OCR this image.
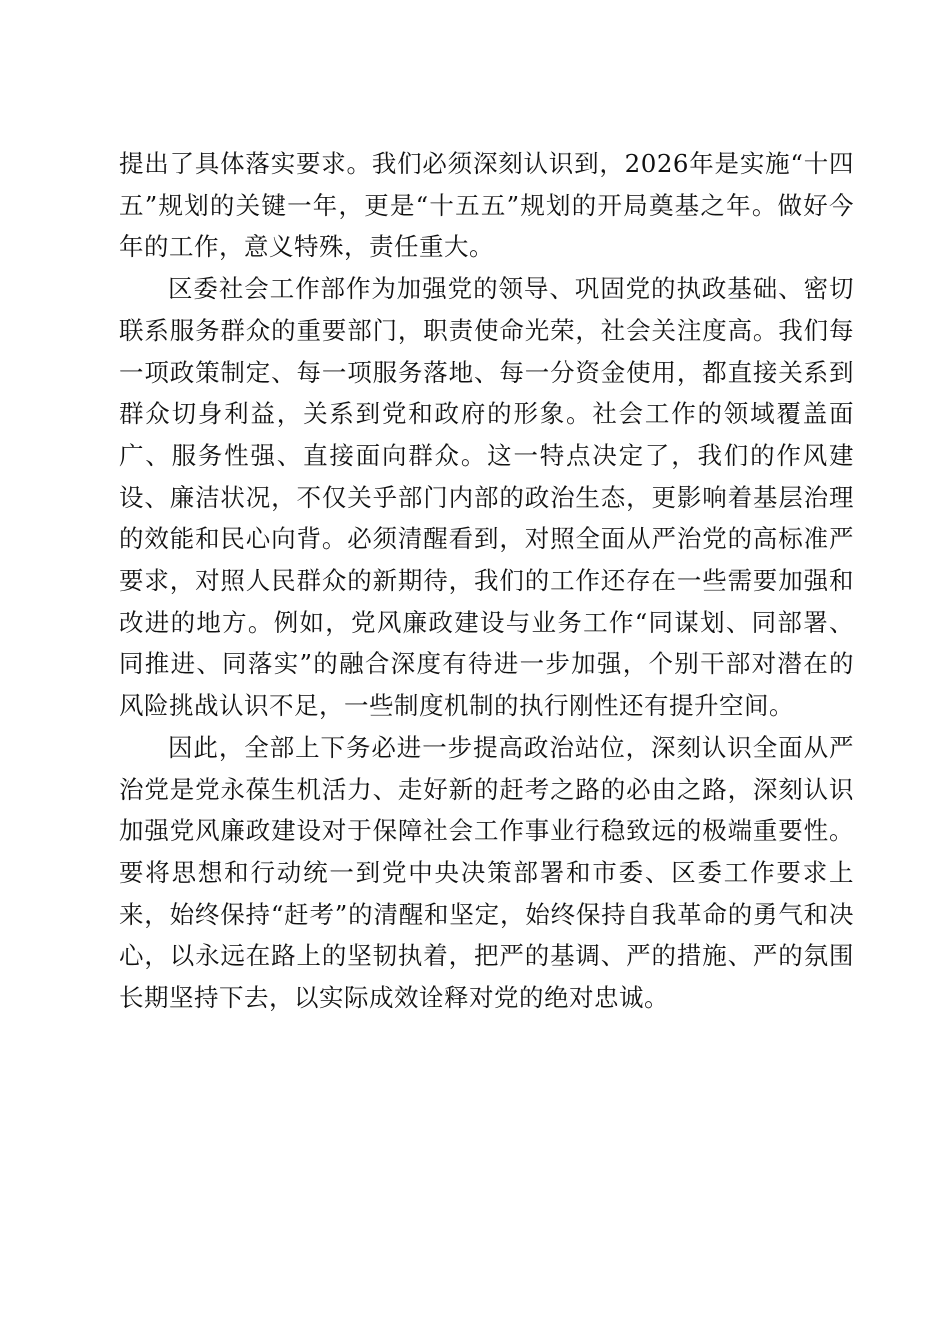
提出了具体落实要求。我们必须深刻认识到，2026年是实施“十四五”规划的关键一年，更是“十五五”规划的开局奠基之年。做好今年的工作，意义特殊，责任重大。

区委社会工作部作为加强党的领导、巩固党的执政基础、密切联系服务群众的重要部门，职责使命光荣，社会关注度高。我们每一项政策制定、每一项服务落地、每一分资金使用，都直接关系到群众切身利益，关系到党和政府的形象。社会工作的领域覆盖面广、服务性强、直接面向群众。这一特点决定了，我们的作风建设、廉洁状况，不仅关乎部门内部的政治生态，更影响着基层治理的效能和民心向背。必须清醒看到，对照全面从严治党的高标准严要求，对照人民群众的新期待，我们的工作还存在一些需要加强和改进的地方。例如，党风廉政建设与业务工作“同谋划、同部署、同推进、同落实”的融合深度有待进一步加强，个别干部对潜在的风险挑战认识不足，一些制度机制的执行刚性还有提升空间。

因此，全部上下务必进一步提高政治站位，深刻认识全面从严治党是党永葆生机活力、走好新的赶考之路的必由之路，深刻认识加强党风廉政建设对于保障社会工作事业行稳致远的极端重要性。要将思想和行动统一到党中央决策部署和市委、区委工作要求上来，始终保持“赶考”的清醒和坚定，始终保持自我革命的勇气和决心，以永远在路上的坚韧执着，把严的基调、严的措施、严的氛围长期坚持下去，以实际成效诠释对党的绝对忠诚。
